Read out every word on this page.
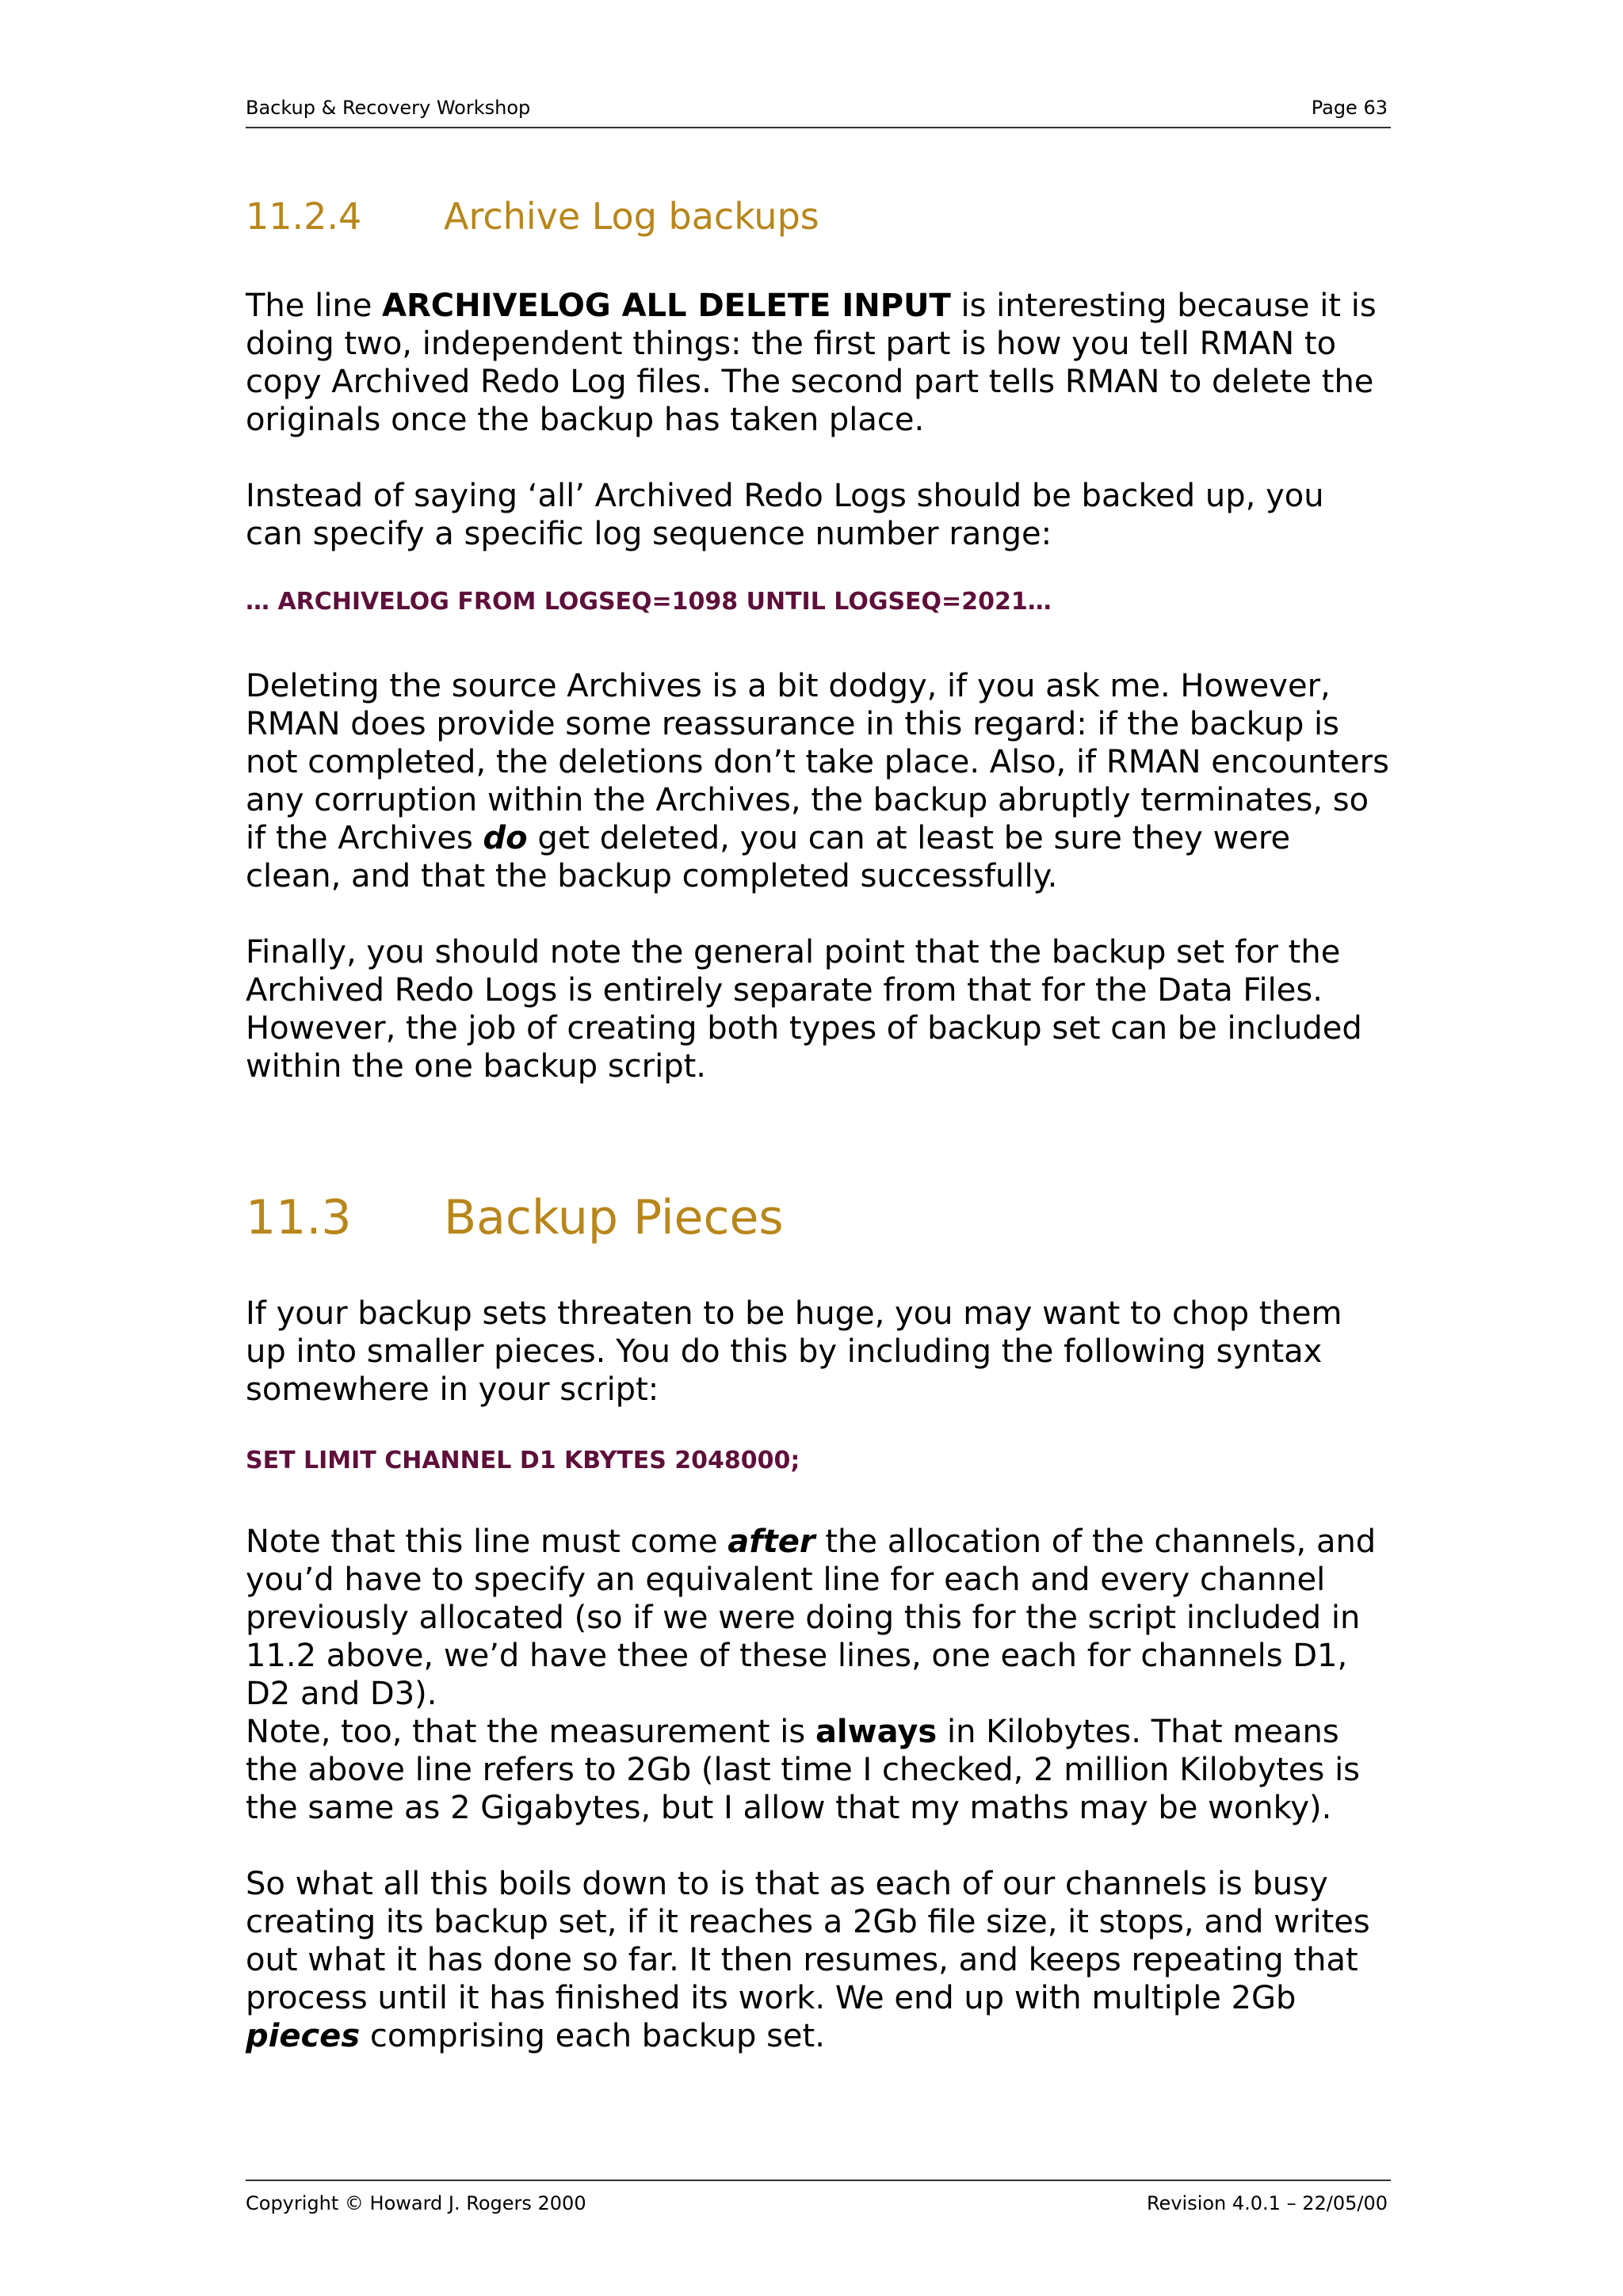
Backup & Recovery Workshop	Page 63
11.2.4 Archive Log backups

The line ARCHIVELOG ALL DELETE INPUT is interesting because it is doing two, independent things: the first part is how you tell RMAN to copy Archived Redo Log files. The second part tells RMAN to delete the originals once the backup has taken place.

Instead of saying ‘all’ Archived Redo Logs should be backed up, you can specify a specific log sequence number range:

… ARCHIVELOG FROM LOGSEQ=1098 UNTIL LOGSEQ=2021…

Deleting the source Archives is a bit dodgy, if you ask me. However, RMAN does provide some reassurance in this regard: if the backup is not completed, the deletions don’t take place. Also, if RMAN encounters any corruption within the Archives, the backup abruptly terminates, so if the Archives do get deleted, you can at least be sure they were clean, and that the backup completed successfully.

Finally, you should note the general point that the backup set for the Archived Redo Logs is entirely separate from that for the Data Files. However, the job of creating both types of backup set can be included within the one backup script.

11.3 Backup Pieces

If your backup sets threaten to be huge, you may want to chop them up into smaller pieces. You do this by including the following syntax somewhere in your script:

SET LIMIT CHANNEL D1 KBYTES 2048000;

Note that this line must come after the allocation of the channels, and you’d have to specify an equivalent line for each and every channel previously allocated (so if we were doing this for the script included in 11.2 above, we’d have thee of these lines, one each for channels D1, D2 and D3).

Note, too, that the measurement is always in Kilobytes. That means the above line refers to 2Gb (last time I checked, 2 million Kilobytes is the same as 2 Gigabytes, but I allow that my maths may be wonky).

So what all this boils down to is that as each of our channels is busy creating its backup set, if it reaches a 2Gb file size, it stops, and writes out what it has done so far. It then resumes, and keeps repeating that process until it has finished its work. We end up with multiple 2Gb pieces comprising each backup set.

Copyright © Howard J. Rogers 2000	Revision 4.0.1 – 22/05/00
